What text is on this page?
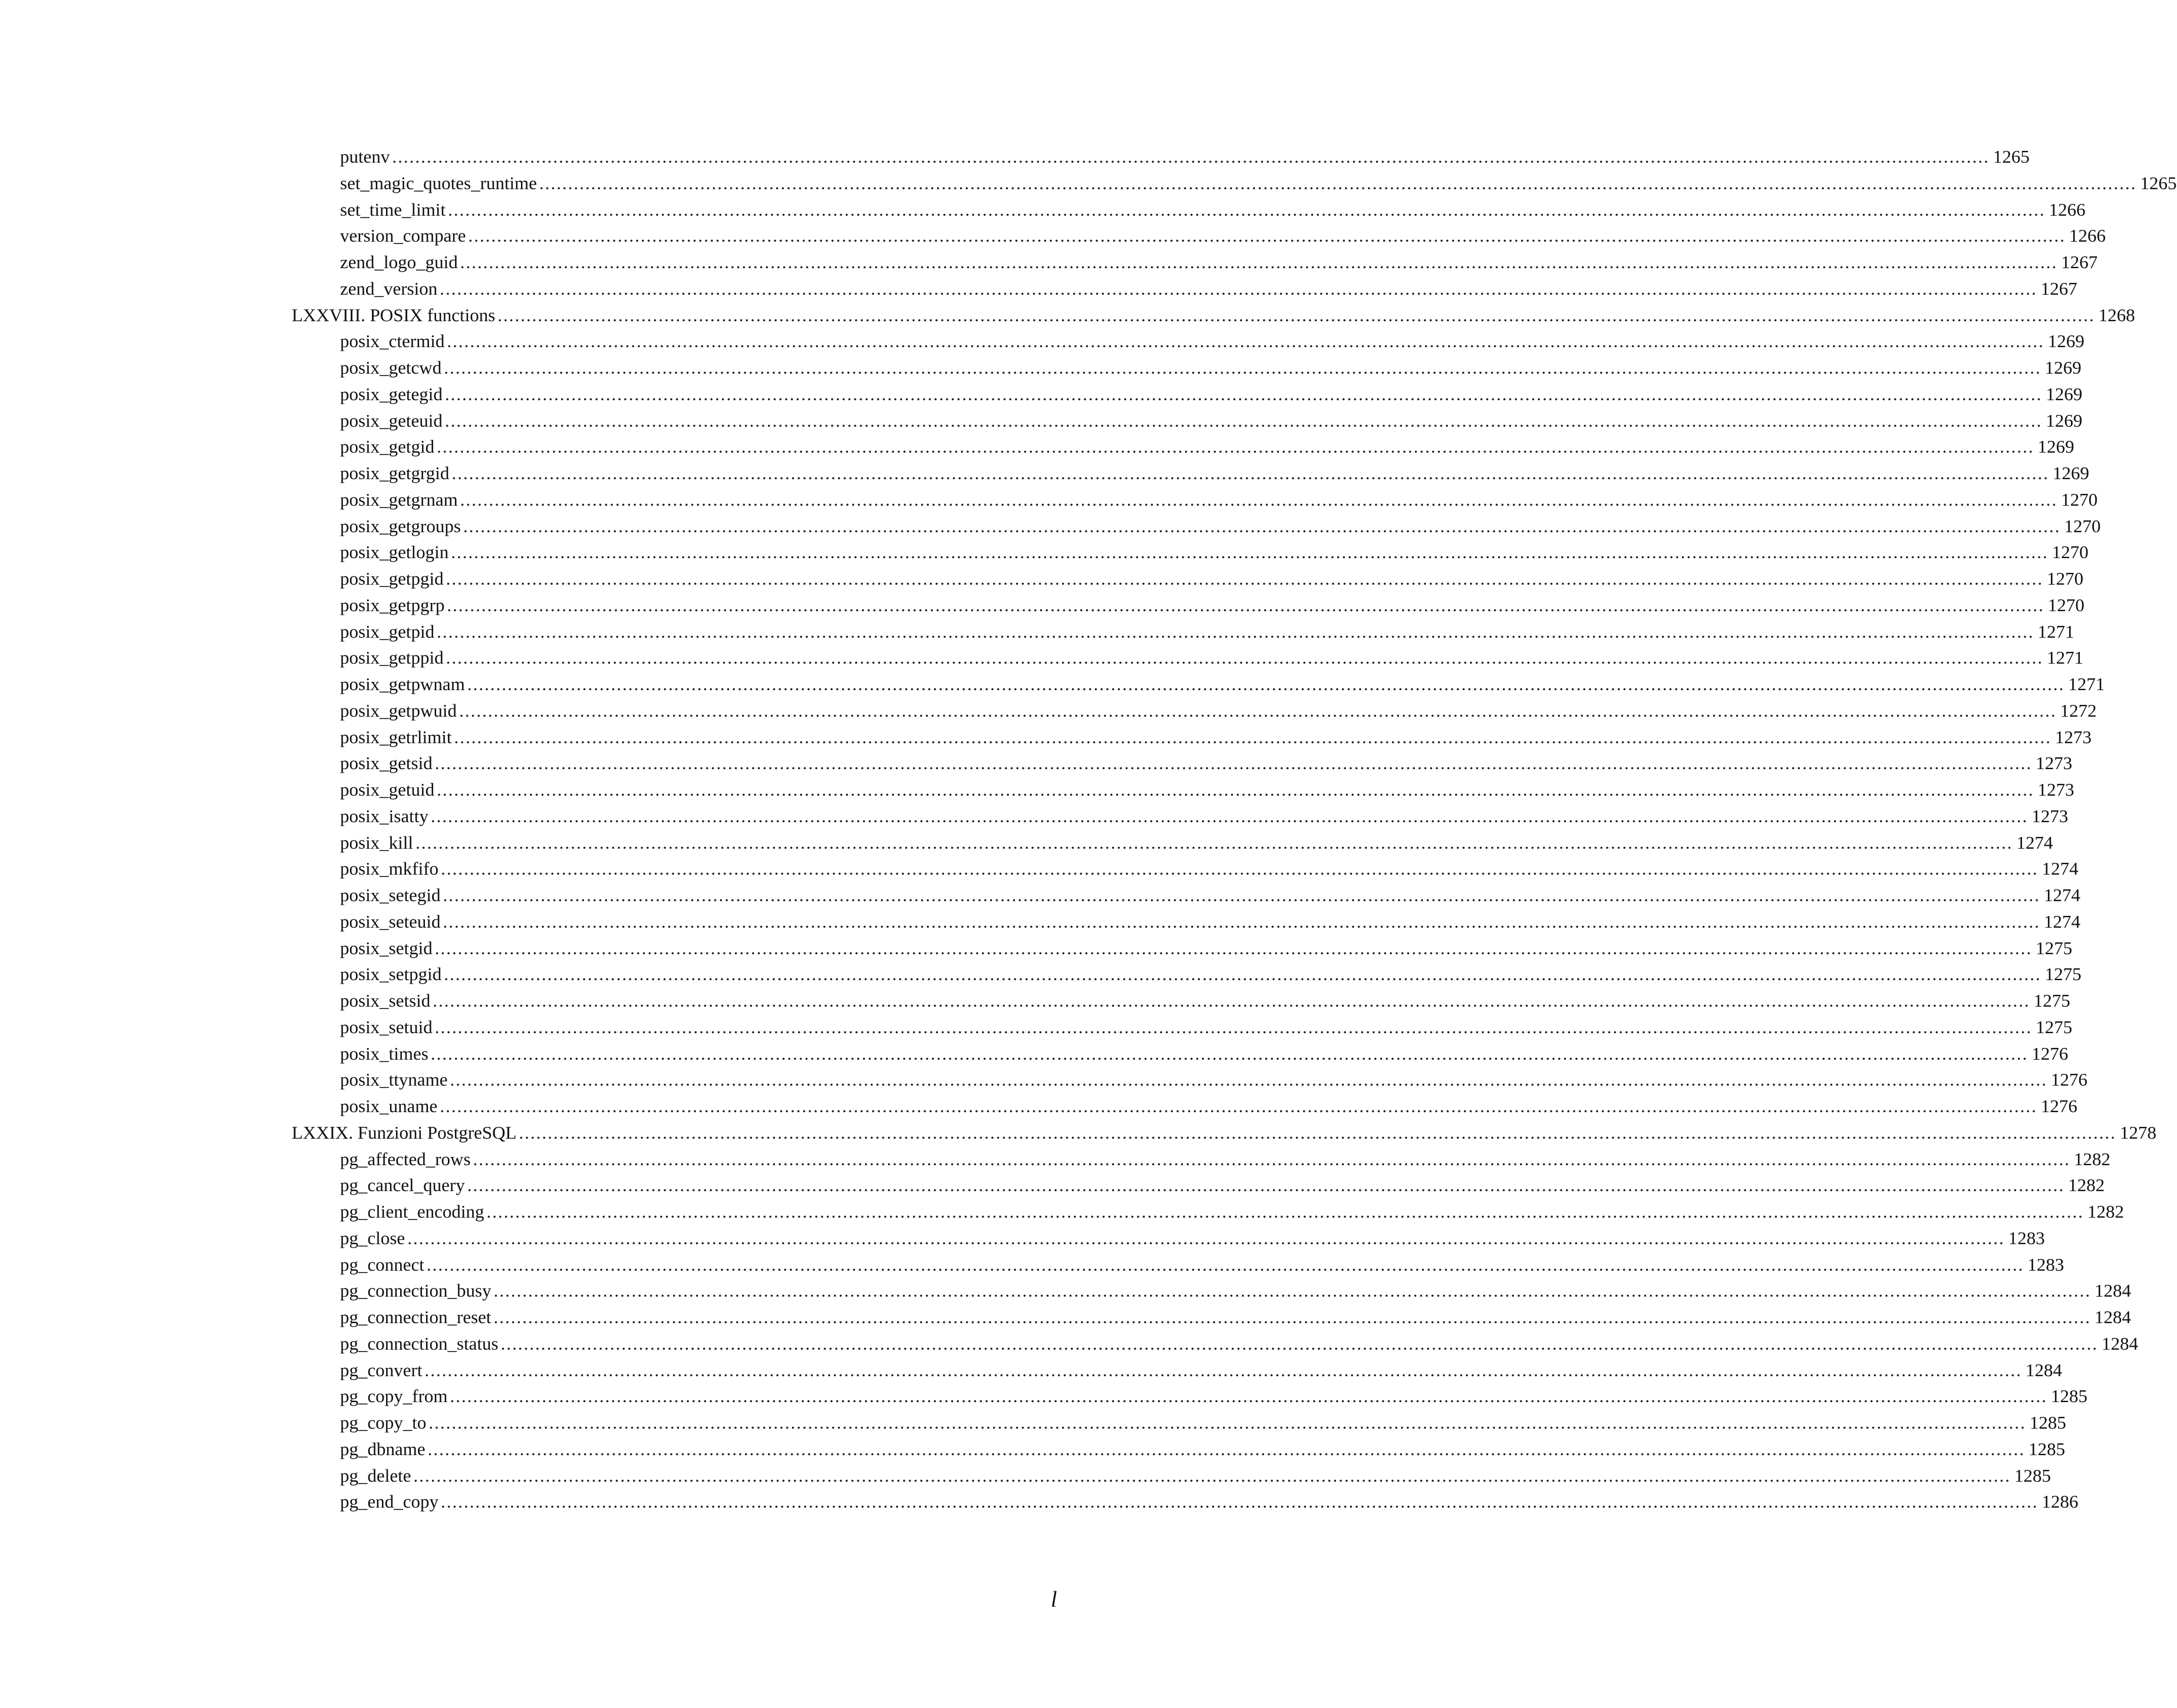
putenv .....	1265
set_magic_quotes_runtime .....	1265
set_time_limit .....	1266
version_compare .....	1266
zend_logo_guid .....	1267
zend_version .....	1267
LXXVIII. POSIX functions .....	1268
posix_ctermid .....	1269
posix_getcwd .....	1269
posix_getegid .....	1269
posix_geteuid .....	1269
posix_getgid .....	1269
posix_getgrgid .....	1269
posix_getgrnam .....	1270
posix_getgroups .....	1270
posix_getlogin .....	1270
posix_getpgid .....	1270
posix_getpgrp .....	1270
posix_getpid .....	1271
posix_getppid .....	1271
posix_getpwnam .....	1271
posix_getpwuid .....	1272
posix_getrlimit .....	1273
posix_getsid .....	1273
posix_getuid .....	1273
posix_isatty .....	1273
posix_kill .....	1274
posix_mkfifo .....	1274
posix_setegid .....	1274
posix_seteuid .....	1274
posix_setgid .....	1275
posix_setpgid .....	1275
posix_setsid .....	1275
posix_setuid .....	1275
posix_times .....	1276
posix_ttyname .....	1276
posix_uname .....	1276
LXXIX. Funzioni PostgreSQL .....	1278
pg_affected_rows .....	1282
pg_cancel_query .....	1282
pg_client_encoding .....	1282
pg_close .....	1283
pg_connect .....	1283
pg_connection_busy .....	1284
pg_connection_reset .....	1284
pg_connection_status .....	1284
pg_convert .....	1284
pg_copy_from .....	1285
pg_copy_to .....	1285
pg_dbname .....	1285
pg_delete .....	1285
pg_end_copy .....	1286
l
